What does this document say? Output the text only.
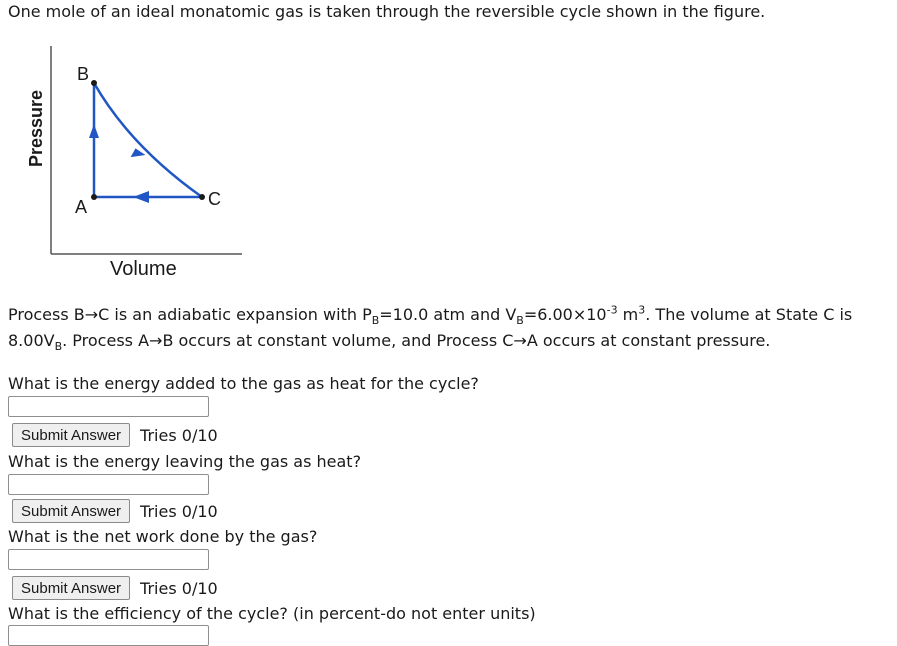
One mole of an ideal monatomic gas is taken through the reversible cycle shown in the figure.
B
A	C
Volume
Pressure
Process B→C is an adiabatic expansion with $P_B=10.0$ atm and $V_B=6.00\times 10^{-3}$ $m^3$. The volume at State C is $8.00V_B$. Process A→B occurs at constant volume, and Process C→A occurs at constant pressure.
What is the energy added to the gas as heat for the cycle?
Submit Answer	Tries 0/10
What is the energy leaving the gas as heat?
Submit Answer	Tries 0/10
What is the net work done by the gas?
Submit Answer	Tries 0/10
What is the efficiency of the cycle? (in percent-do not enter units)
